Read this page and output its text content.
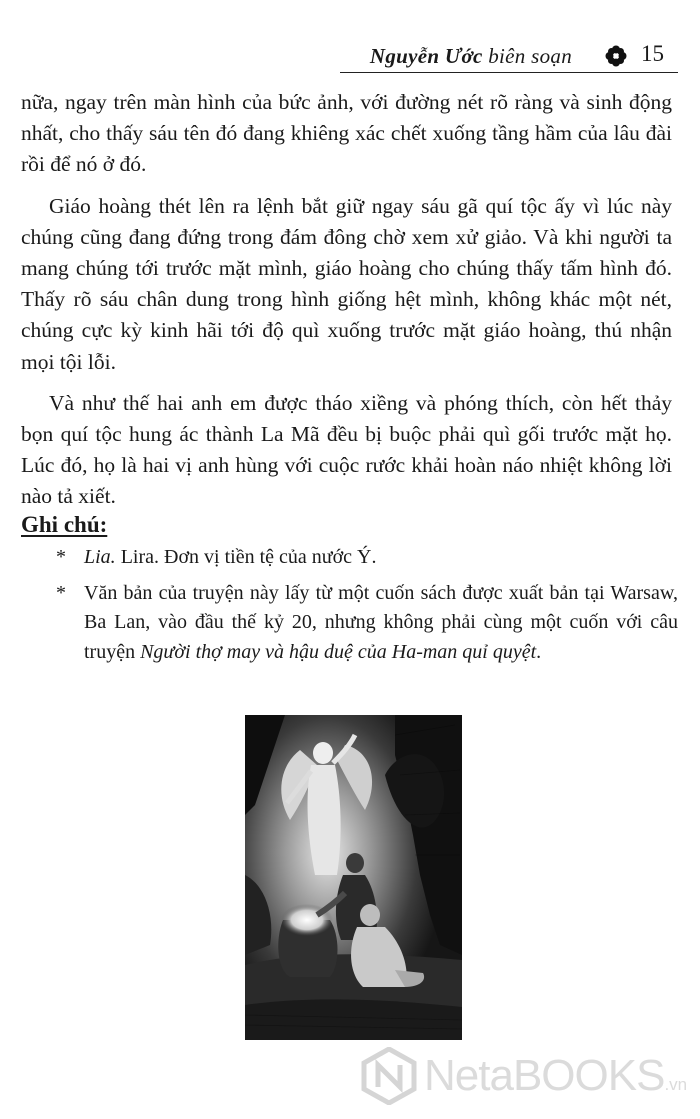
Nguyễn Ước biên soạn	15

nữa, ngay trên màn hình của bức ảnh, với đường nét rõ ràng và sinh động nhất, cho thấy sáu tên đó đang khiêng xác chết xuống tầng hầm của lâu đài rồi để nó ở đó.

Giáo hoàng thét lên ra lệnh bắt giữ ngay sáu gã quí tộc ấy vì lúc này chúng cũng đang đứng trong đám đông chờ xem xử giảo. Và khi người ta mang chúng tới trước mặt mình, giáo hoàng cho chúng thấy tấm hình đó. Thấy rõ sáu chân dung trong hình giống hệt mình, không khác một nét, chúng cực kỳ kinh hãi tới độ quì xuống trước mặt giáo hoàng, thú nhận mọi tội lỗi.

Và như thế hai anh em được tháo xiềng và phóng thích, còn hết thảy bọn quí tộc hung ác thành La Mã đều bị buộc phải quì gối trước mặt họ. Lúc đó, họ là hai vị anh hùng với cuộc rước khải hoàn náo nhiệt không lời nào tả xiết.

Ghi chú:
* Lia. Lira. Đơn vị tiền tệ của nước Ý.
* Văn bản của truyện này lấy từ một cuốn sách được xuất bản tại Warsaw, Ba Lan, vào đầu thế kỷ 20, nhưng không phải cùng một cuốn với câu truyện Người thợ may và hậu duệ của Ha-man quỉ quyệt.
NetaBOOKS.vn
